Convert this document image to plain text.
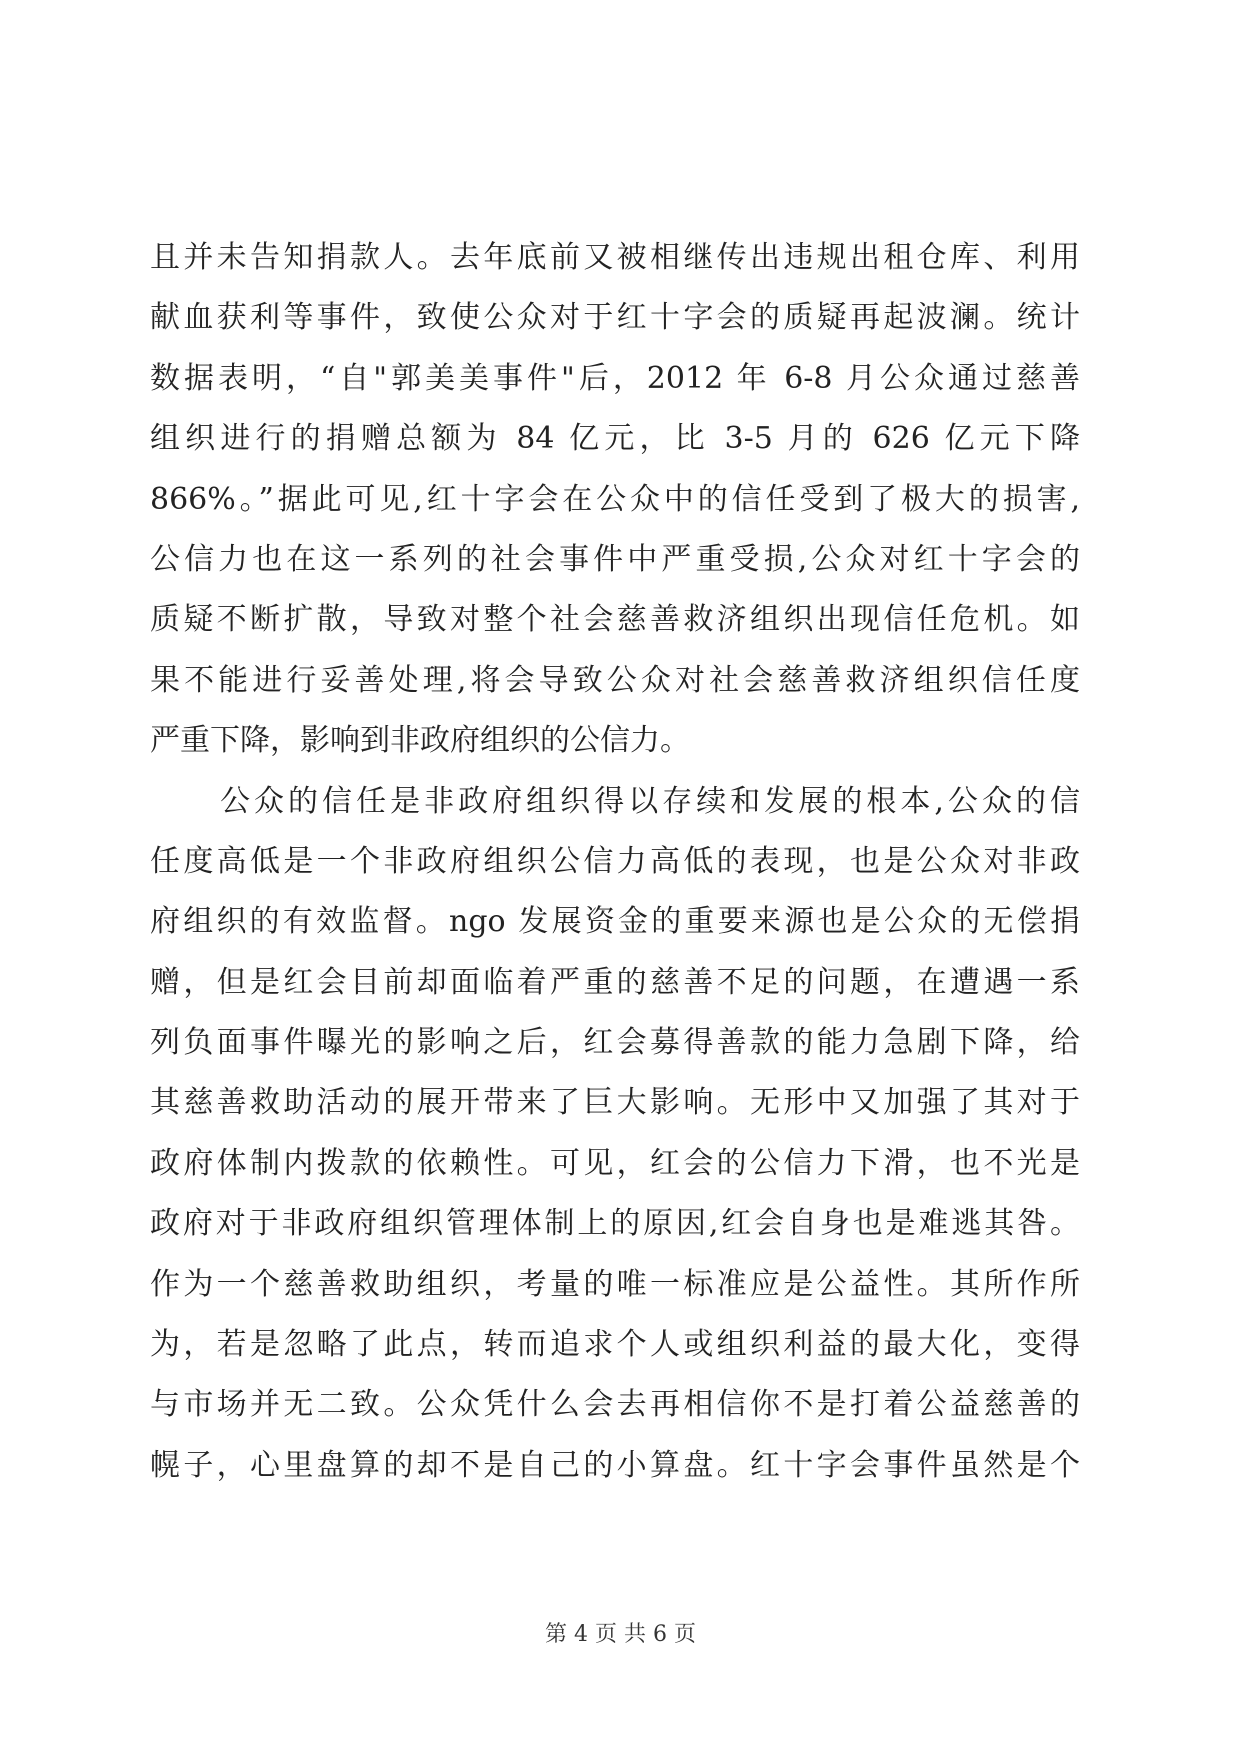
且并未告知捐款人。去年底前又被相继传出违规出租仓库、利用
献血获利等事件，致使公众对于红十字会的质疑再起波澜。统计
数据表明，“自"郭美美事件"后，2012 年 6-8 月公众通过慈善
组织进行的捐赠总额为 84 亿元，比 3-5 月的 626 亿元下降
866%。”据此可见,红十字会在公众中的信任受到了极大的损害,
公信力也在这一系列的社会事件中严重受损,公众对红十字会的
质疑不断扩散，导致对整个社会慈善救济组织出现信任危机。如
果不能进行妥善处理,将会导致公众对社会慈善救济组织信任度
严重下降，影响到非政府组织的公信力。
公众的信任是非政府组织得以存续和发展的根本,公众的信
任度高低是一个非政府组织公信力高低的表现，也是公众对非政
府组织的有效监督。ngo 发展资金的重要来源也是公众的无偿捐
赠，但是红会目前却面临着严重的慈善不足的问题，在遭遇一系
列负面事件曝光的影响之后，红会募得善款的能力急剧下降，给
其慈善救助活动的展开带来了巨大影响。无形中又加强了其对于
政府体制内拨款的依赖性。可见，红会的公信力下滑，也不光是
政府对于非政府组织管理体制上的原因,红会自身也是难逃其咎。
作为一个慈善救助组织，考量的唯一标准应是公益性。其所作所
为，若是忽略了此点，转而追求个人或组织利益的最大化，变得
与市场并无二致。公众凭什么会去再相信你不是打着公益慈善的
幌子，心里盘算的却不是自己的小算盘。红十字会事件虽然是个
第 4 页 共 6 页
